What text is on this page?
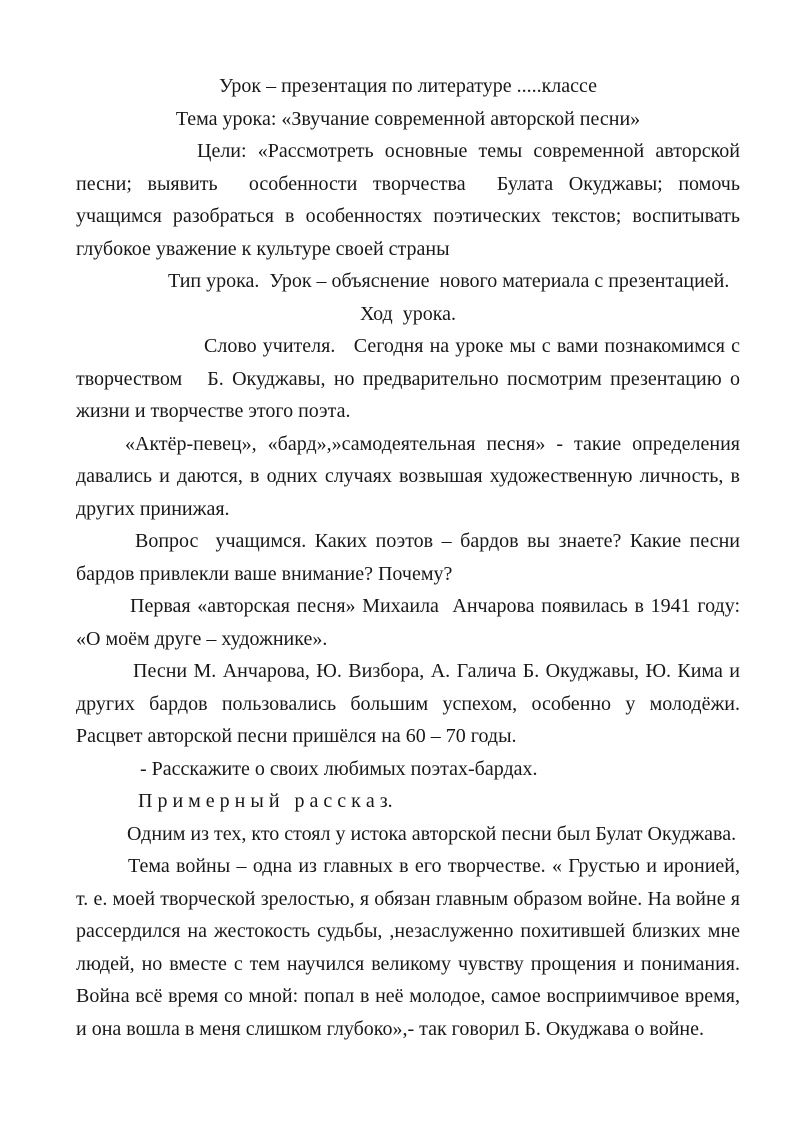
Урок – презентация по литературе .....классе

Тема урока: «Звучание современной авторской песни»

Цели: «Рассмотреть основные темы современной авторской песни; выявить  особенности творчества  Булата Окуджавы; помочь учащимся разобраться в особенностях поэтических текстов; воспитывать глубокое уважение к культуре своей страны

Тип урока.  Урок – объяснение  нового материала с презентацией.

Ход  урока.

Слово учителя.   Сегодня на уроке мы с вами познакомимся с творчеством   Б. Окуджавы, но предварительно посмотрим презентацию о жизни и творчестве этого поэта.

«Актёр-певец», «бард»,»самодеятельная песня» - такие определения давались и даются, в одних случаях возвышая художественную личность, в других принижая.

Вопрос  учащимся. Каких поэтов – бардов вы знаете? Какие песни бардов привлекли ваше внимание? Почему?

Первая «авторская песня» Михаила  Анчарова появилась в 1941 году: «О моём друге – художнике».

Песни М. Анчарова, Ю. Визбора, А. Галича Б. Окуджавы, Ю. Кима и других бардов пользовались большим успехом, особенно у молодёжи. Расцвет авторской песни пришёлся на 60 – 70 годы.

- Расскажите о своих любимых поэтах-бардах.

П р и м е р н ы й   р а с с к а з.

Одним из тех, кто стоял у истока авторской песни был Булат Окуджава.

Тема войны – одна из главных в его творчестве. « Грустью и иронией, т. е. моей творческой зрелостью, я обязан главным образом войне. На войне я рассердился на жестокость судьбы, ,незаслуженно похитившей близких мне людей, но вместе с тем научился великому чувству прощения и понимания. Война всё время со мной: попал в неё молодое, самое восприимчивое время, и она вошла в меня слишком глубоко»,- так говорил Б. Окуджава о войне.
